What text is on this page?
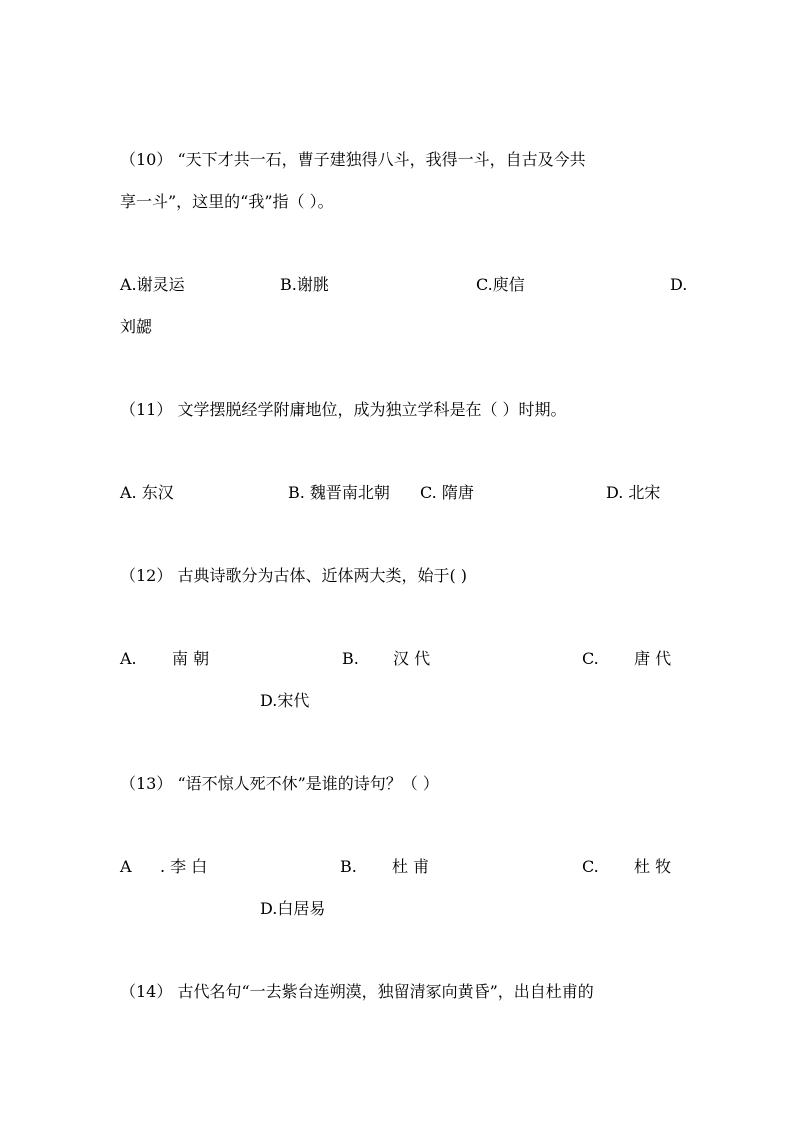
（10） “天下才共一石，曹子建独得八斗，我得一斗，自古及今共
享一斗”，这里的“我”指（ ）。
A.谢灵运	B.谢朓	C.庾信	D.
刘勰
（11） 文学摆脱经学附庸地位，成为独立学科是在（ ）时期。
A. 东汉	B. 魏晋南北朝 C. 隋唐	D. 北宋
（12） 古典诗歌分为古体、近体两大类，始于( )
A. 南 朝	B. 汉 代	C. 唐 代
D.宋代
（13） “语不惊人死不休”是谁的诗句？（ ）
A . 李 白	B. 杜 甫	C. 杜 牧
D.白居易
（14） 古代名句“一去紫台连朔漠，独留清冢向黄昏”，出自杜甫的
